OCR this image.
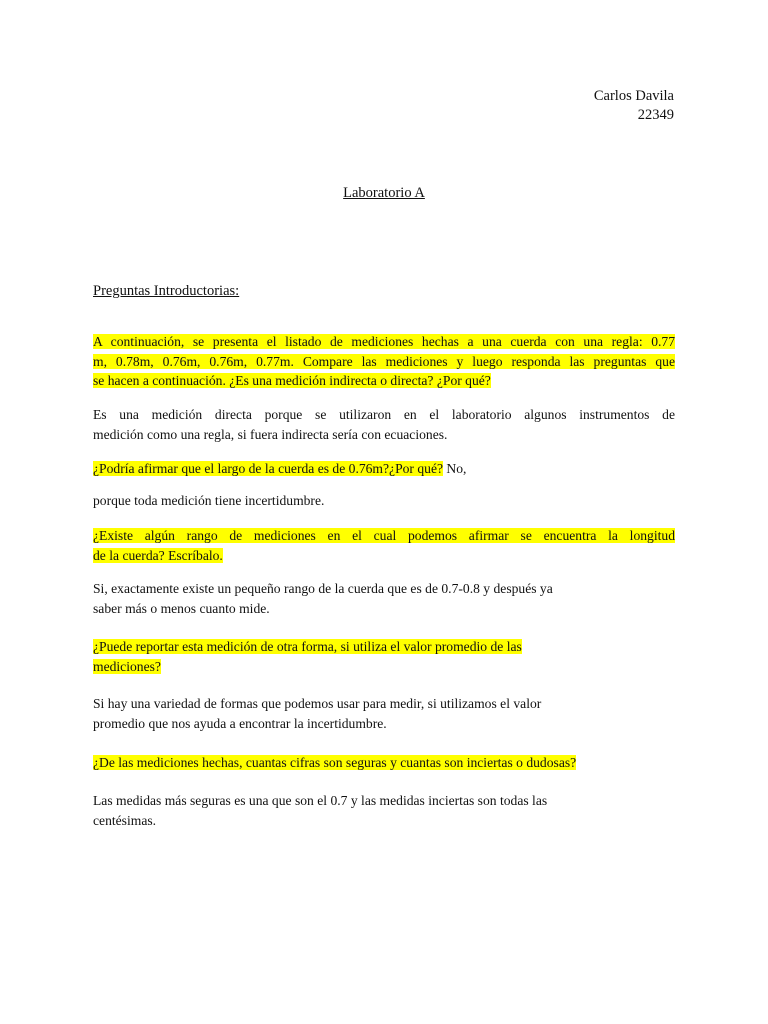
Carlos Davila
22349
Laboratorio A
Preguntas Introductorias:
A continuación, se presenta el listado de mediciones hechas a una cuerda con una regla: 0.77
m, 0.78m, 0.76m, 0.76m, 0.77m. Compare las mediciones y luego responda las preguntas que
se hacen a continuación. ¿Es una medición indirecta o directa? ¿Por qué?
Es una medición directa porque se utilizaron en el laboratorio algunos instrumentos de
medición como una regla, si fuera indirecta sería con ecuaciones.
¿Podría afirmar que el largo de la cuerda es de 0.76m?¿Por qué? No,
porque toda medición tiene incertidumbre.
¿Existe algún rango de mediciones en el cual podemos afirmar se encuentra la longitud
de la cuerda? Escríbalo.
Si, exactamente existe un pequeño rango de la cuerda que es de 0.7-0.8 y después ya
saber más o menos cuanto mide.
¿Puede reportar esta medición de otra forma, si utiliza el valor promedio de las
mediciones?
Si hay una variedad de formas que podemos usar para medir, si utilizamos el valor
promedio que nos ayuda a encontrar la incertidumbre.
¿De las mediciones hechas, cuantas cifras son seguras y cuantas son inciertas o dudosas?
Las medidas más seguras es una que son el 0.7 y las medidas inciertas son todas las
centésimas.
